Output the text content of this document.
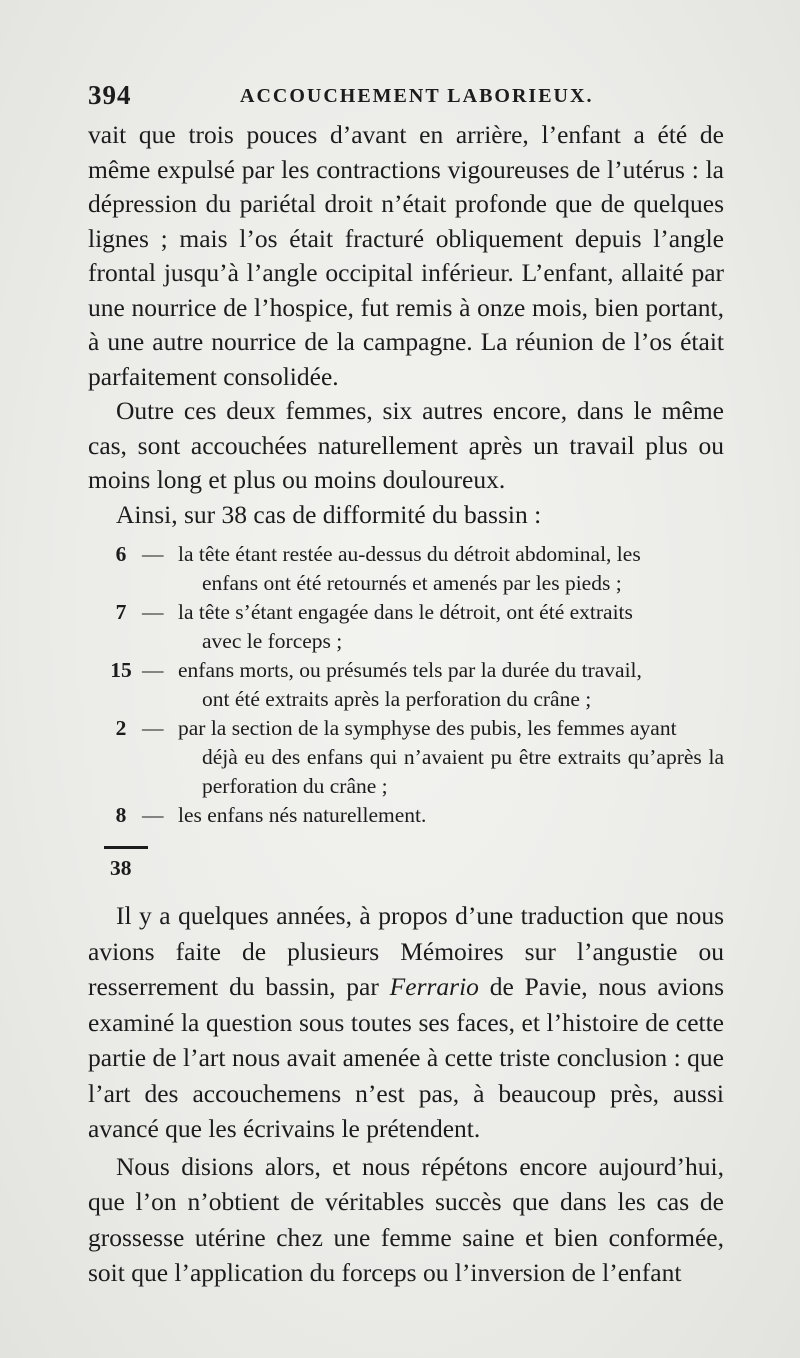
394	ACCOUCHEMENT LABORIEUX.

vait que trois pouces d’avant en arrière, l’enfant a été de même expulsé par les contractions vigoureuses de l’utérus : la dépression du pariétal droit n’était profonde que de quelques lignes ; mais l’os était fracturé obliquement depuis l’angle frontal jusqu’à l’angle occipital inférieur. L’enfant, allaité par une nourrice de l’hospice, fut remis à onze mois, bien portant, à une autre nourrice de la campagne. La réunion de l’os était parfaitement consolidée.

Outre ces deux femmes, six autres encore, dans le même cas, sont accouchées naturellement après un travail plus ou moins long et plus ou moins douloureux.

Ainsi, sur 38 cas de difformité du bassin :

6 — la tête étant restée au-dessus du détroit abdominal, les
enfans ont été retournés et amenés par les pieds ;
7 — la tête s’étant engagée dans le détroit, ont été extraits
avec le forceps ;
15 — enfans morts, ou présumés tels par la durée du travail,
ont été extraits après la perforation du crâne ;
2 — par la section de la symphyse des pubis, les femmes ayant
déjà eu des enfans qui n’avaient pu être extraits qu’après la perforation du crâne ;
8 — les enfans nés naturellement.
38

Il y a quelques années, à propos d’une traduction que nous avions faite de plusieurs Mémoires sur l’angustie ou resserrement du bassin, par Ferrario de Pavie, nous avions examiné la question sous toutes ses faces, et l’histoire de cette partie de l’art nous avait amenée à cette triste conclusion : que l’art des accouchemens n’est pas, à beaucoup près, aussi avancé que les écrivains le prétendent.

Nous disions alors, et nous répétons encore aujourd’hui, que l’on n’obtient de véritables succès que dans les cas de grossesse utérine chez une femme saine et bien conformée, soit que l’application du forceps ou l’inversion de l’enfant
